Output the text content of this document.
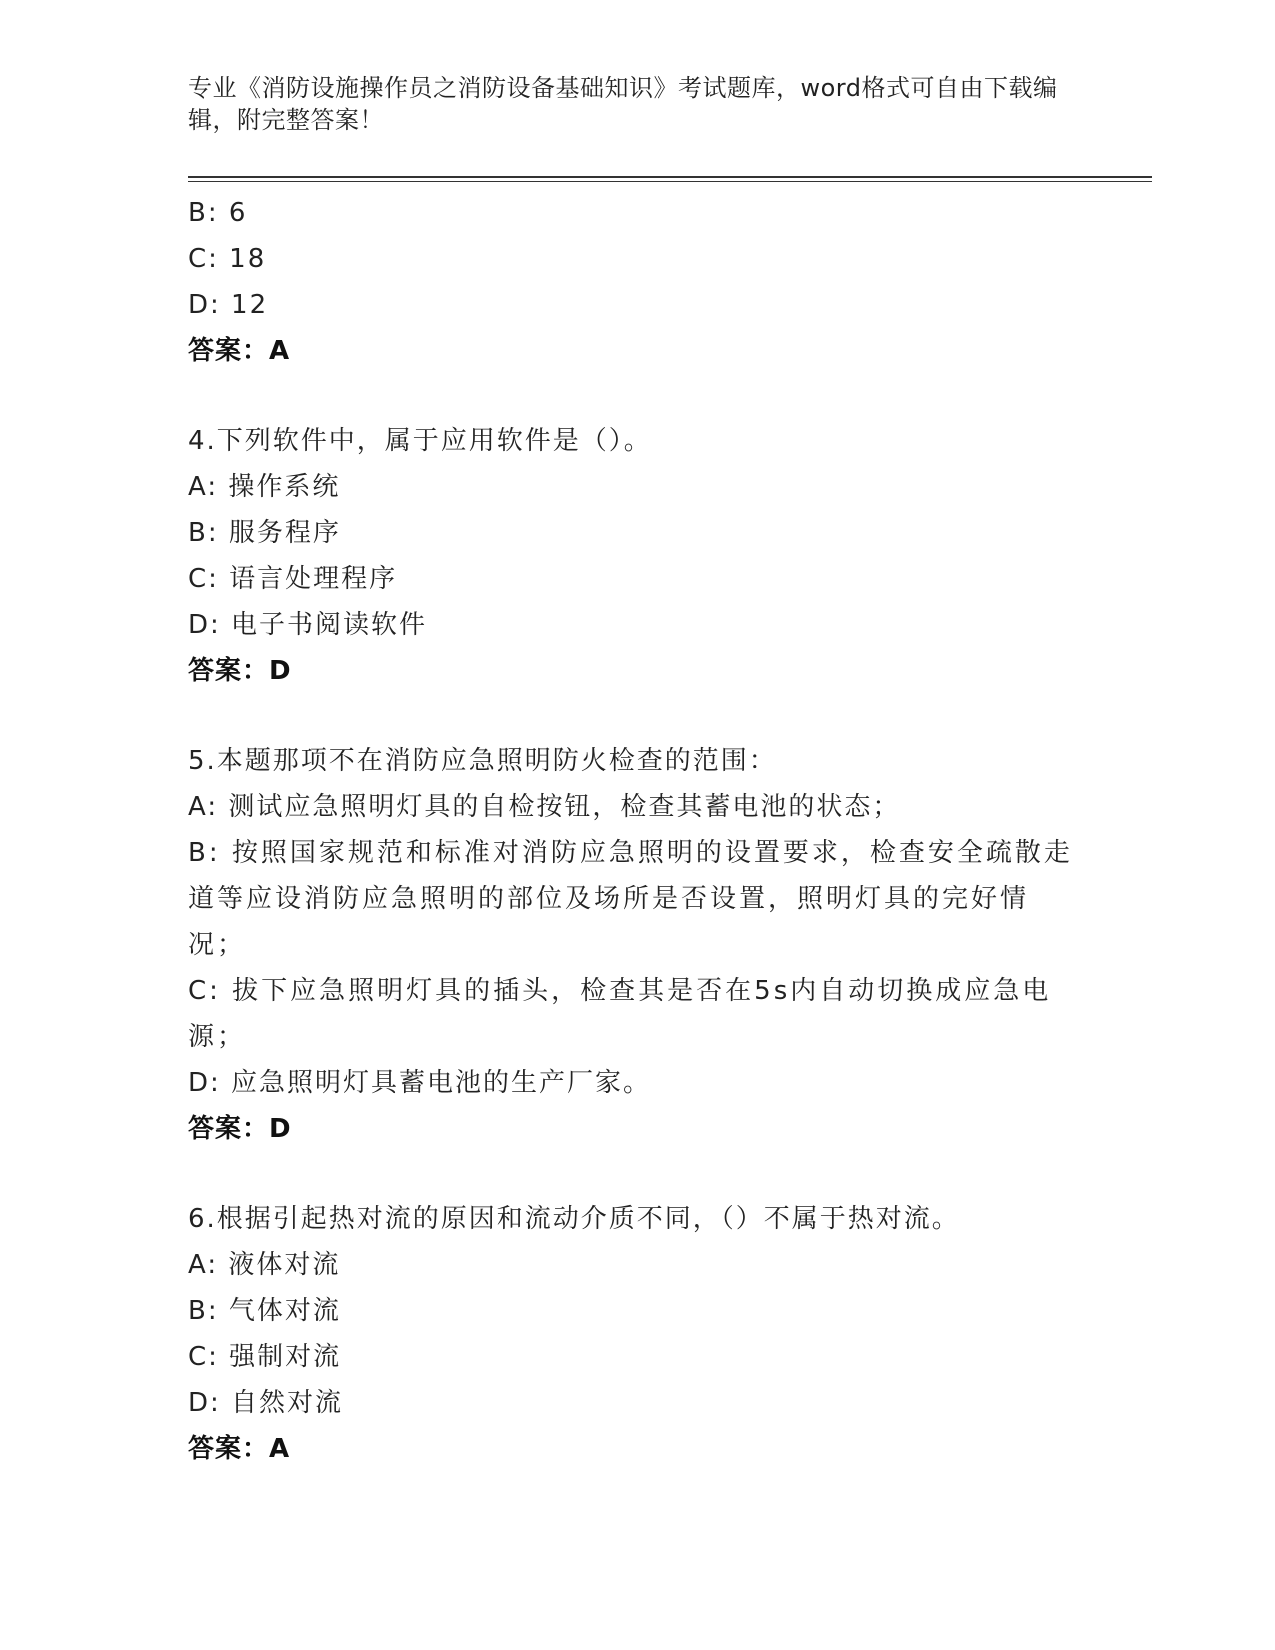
专业《消防设施操作员之消防设备基础知识》考试题库，word格式可自由下载编辑，附完整答案！
B: 6
C: 18
D: 12
答案：A
4.下列软件中，属于应用软件是（）。
A: 操作系统
B: 服务程序
C: 语言处理程序
D: 电子书阅读软件
答案：D
5.本题那项不在消防应急照明防火检查的范围：
A: 测试应急照明灯具的自检按钮，检查其蓄电池的状态；
B: 按照国家规范和标准对消防应急照明的设置要求，检查安全疏散走道等应设消防应急照明的部位及场所是否设置，照明灯具的完好情况；
C: 拔下应急照明灯具的插头，检查其是否在5s内自动切换成应急电源；
D: 应急照明灯具蓄电池的生产厂家。
答案：D
6.根据引起热对流的原因和流动介质不同，（）不属于热对流。
A: 液体对流
B: 气体对流
C: 强制对流
D: 自然对流
答案：A
